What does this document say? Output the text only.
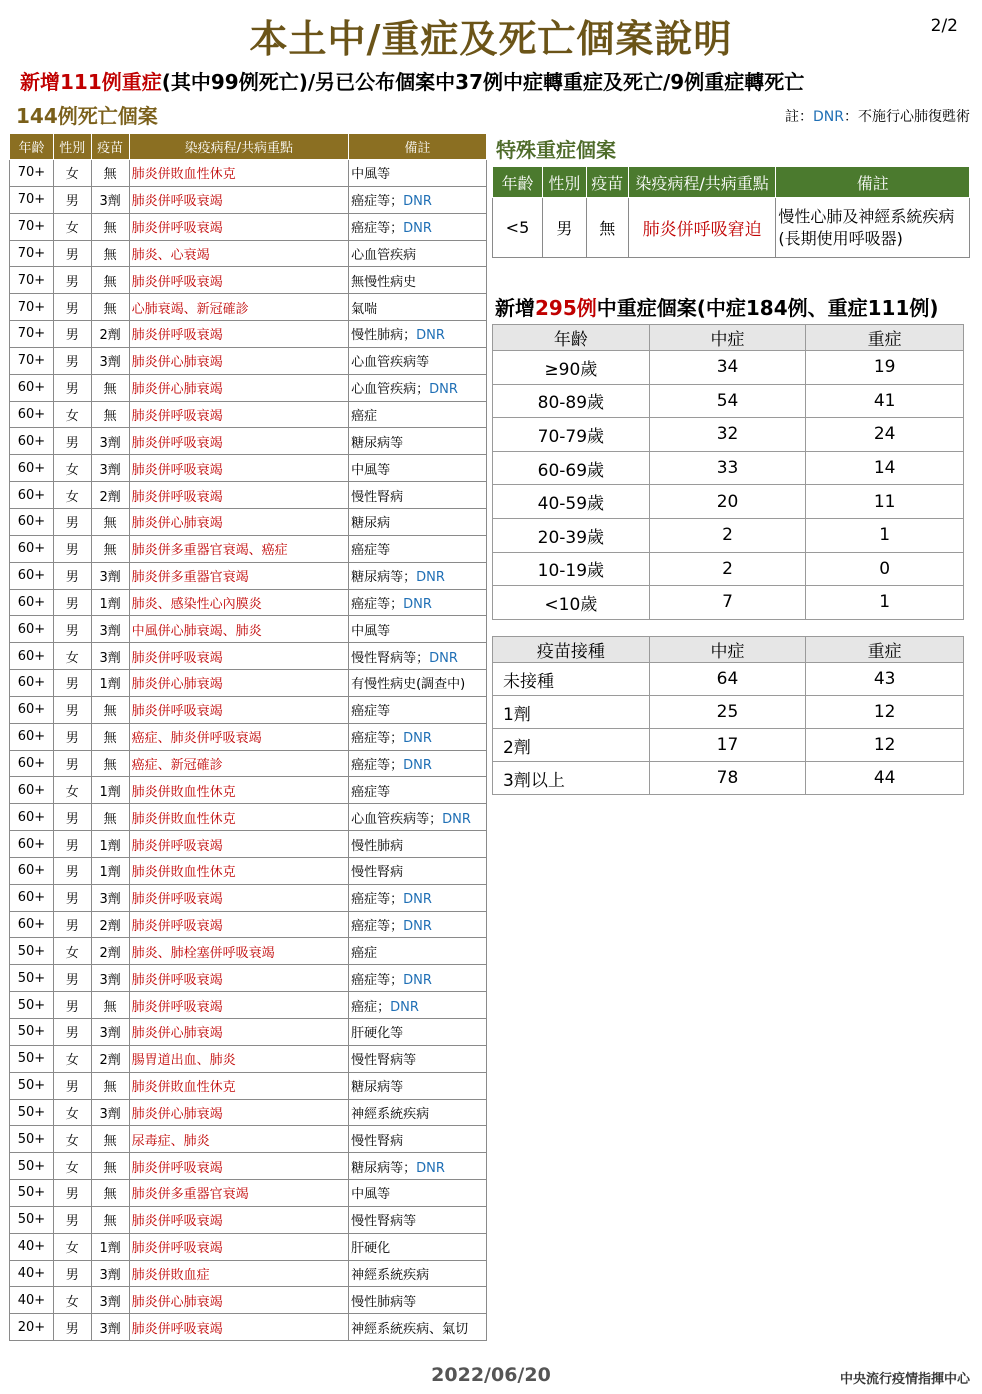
本土中/重症及死亡個案說明	2/2
新增111例重症(其中99例死亡)/另已公布個案中37例中症轉重症及死亡/9例重症轉死亡
144例死亡個案	註：DNR：不施行心肺復甦術
年齡	性別	疫苗	染疫病程/共病重點	備註
70+	女	無	肺炎併敗血性休克	中風等
70+	男	3劑	肺炎併呼吸衰竭	癌症等；DNR
70+	女	無	肺炎併呼吸衰竭	癌症等；DNR
70+	男	無	肺炎、心衰竭	心血管疾病
70+	男	無	肺炎併呼吸衰竭	無慢性病史
70+	男	無	心肺衰竭、新冠確診	氣喘
70+	男	2劑	肺炎併呼吸衰竭	慢性肺病；DNR
70+	男	3劑	肺炎併心肺衰竭	心血管疾病等
60+	男	無	肺炎併心肺衰竭	心血管疾病；DNR
60+	女	無	肺炎併呼吸衰竭	癌症
60+	男	3劑	肺炎併呼吸衰竭	糖尿病等
60+	女	3劑	肺炎併呼吸衰竭	中風等
60+	女	2劑	肺炎併呼吸衰竭	慢性腎病
60+	男	無	肺炎併心肺衰竭	糖尿病
60+	男	無	肺炎併多重器官衰竭、癌症	癌症等
60+	男	3劑	肺炎併多重器官衰竭	糖尿病等；DNR
60+	男	1劑	肺炎、感染性心內膜炎	癌症等；DNR
60+	男	3劑	中風併心肺衰竭、肺炎	中風等
60+	女	3劑	肺炎併呼吸衰竭	慢性腎病等；DNR
60+	男	1劑	肺炎併心肺衰竭	有慢性病史(調查中)
60+	男	無	肺炎併呼吸衰竭	癌症等
60+	男	無	癌症、肺炎併呼吸衰竭	癌症等；DNR
60+	男	無	癌症、新冠確診	癌症等；DNR
60+	女	1劑	肺炎併敗血性休克	癌症等
60+	男	無	肺炎併敗血性休克	心血管疾病等；DNR
60+	男	1劑	肺炎併呼吸衰竭	慢性肺病
60+	男	1劑	肺炎併敗血性休克	慢性腎病
60+	男	3劑	肺炎併呼吸衰竭	癌症等；DNR
60+	男	2劑	肺炎併呼吸衰竭	癌症等；DNR
50+	女	2劑	肺炎、肺栓塞併呼吸衰竭	癌症
50+	男	3劑	肺炎併呼吸衰竭	癌症等；DNR
50+	男	無	肺炎併呼吸衰竭	癌症；DNR
50+	男	3劑	肺炎併心肺衰竭	肝硬化等
50+	女	2劑	腸胃道出血、肺炎	慢性腎病等
50+	男	無	肺炎併敗血性休克	糖尿病等
50+	女	3劑	肺炎併心肺衰竭	神經系統疾病
50+	女	無	尿毒症、肺炎	慢性腎病
50+	女	無	肺炎併呼吸衰竭	糖尿病等；DNR
50+	男	無	肺炎併多重器官衰竭	中風等
50+	男	無	肺炎併呼吸衰竭	慢性腎病等
40+	女	1劑	肺炎併呼吸衰竭	肝硬化
40+	男	3劑	肺炎併敗血症	神經系統疾病
40+	女	3劑	肺炎併心肺衰竭	慢性肺病等
20+	男	3劑	肺炎併呼吸衰竭	神經系統疾病、氣切
特殊重症個案
年齡	性別	疫苗	染疫病程/共病重點	備註
<5	男	無	肺炎併呼吸窘迫	慢性心肺及神經系統疾病(長期使用呼吸器)
新增295例中重症個案(中症184例、重症111例)
年齡	中症	重症
≥90歲	34	19
80-89歲	54	41
70-79歲	32	24
60-69歲	33	14
40-59歲	20	11
20-39歲	2	1
10-19歲	2	0
<10歲	7	1
疫苗接種	中症	重症
未接種	64	43
1劑	25	12
2劑	17	12
3劑以上	78	44
2022/06/20	中央流行疫情指揮中心
